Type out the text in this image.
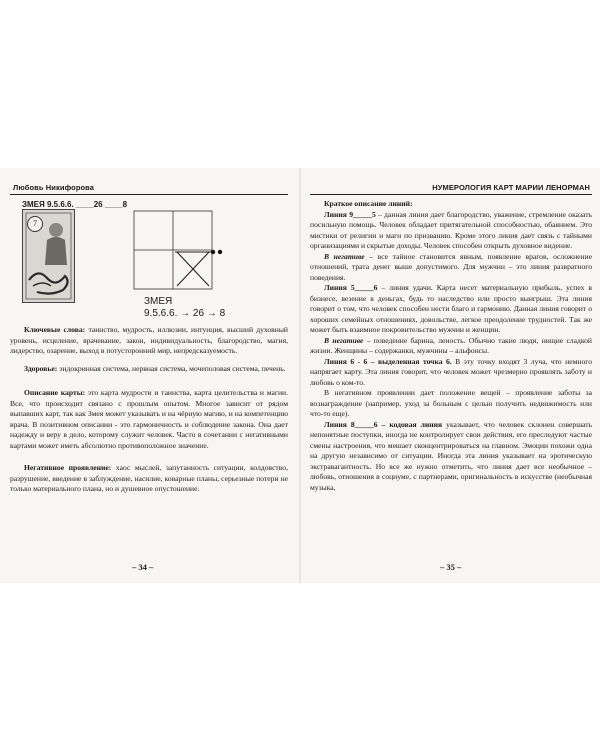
Любовь Никифорова
ЗМЕЯ 9.5.6.6. ____26 ____8
7
ЗМЕЯ
9.5.6.6. → 26 → 8

Ключевые слова: таинство, мудрость, иллюзии, интуиция, высший духовный уровень, исцеление, врачевание, закон, индивидуальность, благородство, магия, лидерство, озарение, выход в потусторонний мир, непредсказуемость.

Здоровье: эндокринная система, нервная система, мочеполовая система, печень.

Описание карты: это карта мудрости и таинства, карта целительства и магии. Все, что происходит связано с прошлым опытом. Многое зависит от рядом выпавших карт, так как Змея может указывать и на чёрную магию, и на компетенцию врача. В позитивном описании - это гармоничность и соблюдение закона. Она дает надежду и веру в дело, которому служит человек. Часто в сочетании с негативными картами может иметь абсолютно противоположное значение.

Негативное проявление: хаос мыслей, запутанность ситуации, колдовство, разрушение, введение в заблуждение, насилие, коварные планы, серьезные потери не только материального плана, но и душевное опустошение.

– 34 –
НУМЕРОЛОГИЯ КАРТ МАРИИ ЛЕНОРМАН

Краткое описание линий:

Линия 9_____5 – данная линия дает благородство, уважение, стремление оказать посильную помощь. Человек обладает притягательной способностью, обаянием. Это мистики от религии и маги по призванию. Кроме этого линия дает связь с тайными организациями и скрытые доходы. Человек способен открыть духовное видение.

В негативе – все тайное становится явным, появление врагов, осложнение отношений, трата денег выше допустимого. Для мужчин – это линия развратного поведения.

Линия 5_____6 – линия удачи. Карта несет материальную прибыль, успех в бизнесе, везение в деньгах, будь то наследство или просто выигрыш. Эта линия говорит о том, что человек способен нести благо и гармонию. Данная линия говорит о хороших семейных отношениях, довольстве, легкое преодоление трудностей. Так же может быть взаимное покровительство мужчин и женщин.

В негативе – поведение барина, леность. Обычно такие люди, нищие сладкой жизни. Женщины – содержанки, мужчины – альфонсы.

Линия 6 - 6 – выделенная точка 6. В эту точку входят 3 луча, что немного напрягает карту. Эта линия говорит, что человек может чрезмерно проявлять заботу и любовь о ком-то.

В негативном проявлении дает положение вещей – проявление заботы за вознаграждение (например, уход за больным с целью получить недвижимость или что-то еще).

Линия 8_____6 – кодовая линия указывает, что человек склонен совершать непонятные поступки, иногда не контролирует свои действия, его преследуют частые смены настроения, что мешает сконцентрироваться на главном. Эмоции похожи одна на другую независимо от ситуации. Иногда эта линия указывает на эротическую экстравагантность. Но все же нужно отметить, что линия дает все необычное – любовь, отношения в социуме, с партнерами, оригинальность в искусстве (необычная музыка,

– 35 –
